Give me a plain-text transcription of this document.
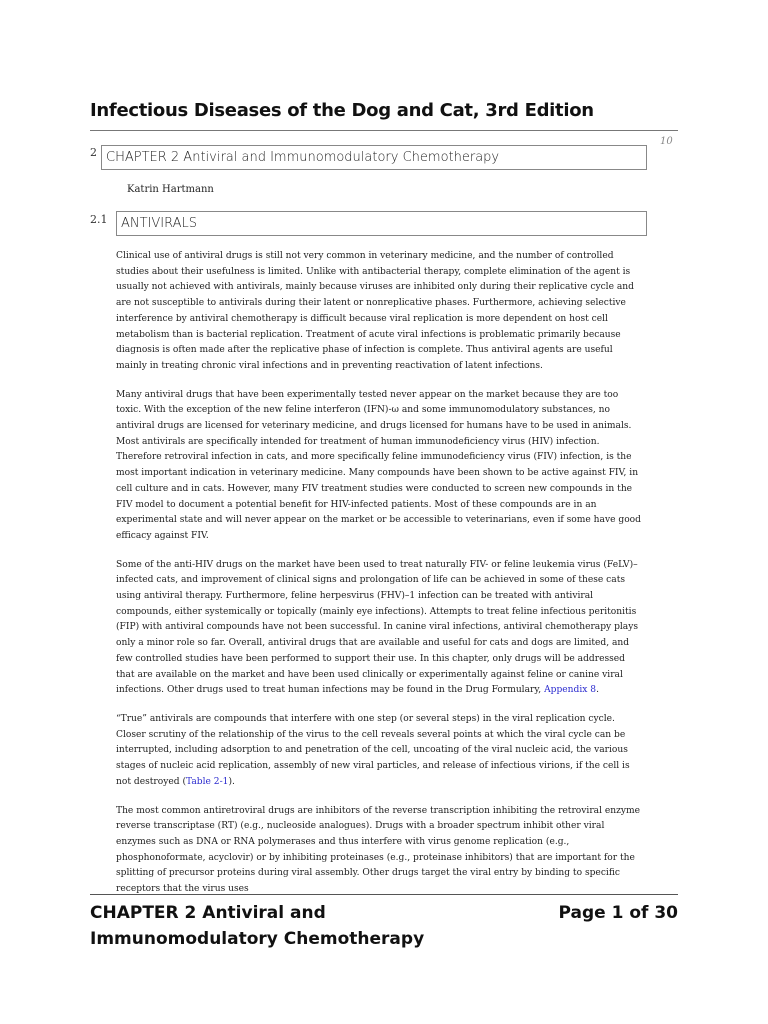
Infectious Diseases of the Dog and Cat, 3rd Edition
10
2 CHAPTER 2 Antiviral and Immunomodulatory Chemotherapy
Katrin Hartmann
2.1 ANTIVIRALS

Clinical use of antiviral drugs is still not very common in veterinary medicine, and the number of controlled studies about their usefulness is limited. Unlike with antibacterial therapy, complete elimination of the agent is usually not achieved with antivirals, mainly because viruses are inhibited only during their replicative cycle and are not susceptible to antivirals during their latent or nonreplicative phases. Furthermore, achieving selective interference by antiviral chemotherapy is difficult because viral replication is more dependent on host cell metabolism than is bacterial replication. Treatment of acute viral infections is problematic primarily because diagnosis is often made after the replicative phase of infection is complete. Thus antiviral agents are useful mainly in treating chronic viral infections and in preventing reactivation of latent infections.

Many antiviral drugs that have been experimentally tested never appear on the market because they are too toxic. With the exception of the new feline interferon (IFN)-ω and some immunomodulatory substances, no antiviral drugs are licensed for veterinary medicine, and drugs licensed for humans have to be used in animals. Most antivirals are specifically intended for treatment of human immunodeficiency virus (HIV) infection. Therefore retroviral infection in cats, and more specifically feline immunodeficiency virus (FIV) infection, is the most important indication in veterinary medicine. Many compounds have been shown to be active against FIV, in cell culture and in cats. However, many FIV treatment studies were conducted to screen new compounds in the FIV model to document a potential benefit for HIV-infected patients. Most of these compounds are in an experimental state and will never appear on the market or be accessible to veterinarians, even if some have good efficacy against FIV.

Some of the anti-HIV drugs on the market have been used to treat naturally FIV- or feline leukemia virus (FeLV)–infected cats, and improvement of clinical signs and prolongation of life can be achieved in some of these cats using antiviral therapy. Furthermore, feline herpesvirus (FHV)–1 infection can be treated with antiviral compounds, either systemically or topically (mainly eye infections). Attempts to treat feline infectious peritonitis (FIP) with antiviral compounds have not been successful. In canine viral infections, antiviral chemotherapy plays only a minor role so far. Overall, antiviral drugs that are available and useful for cats and dogs are limited, and few controlled studies have been performed to support their use. In this chapter, only drugs will be addressed that are available on the market and have been used clinically or experimentally against feline or canine viral infections. Other drugs used to treat human infections may be found in the Drug Formulary, Appendix 8.

“True” antivirals are compounds that interfere with one step (or several steps) in the viral replication cycle. Closer scrutiny of the relationship of the virus to the cell reveals several points at which the viral cycle can be interrupted, including adsorption to and penetration of the cell, uncoating of the viral nucleic acid, the various stages of nucleic acid replication, assembly of new viral particles, and release of infectious virions, if the cell is not destroyed (Table 2-1).

The most common antiretroviral drugs are inhibitors of the reverse transcription inhibiting the retroviral enzyme reverse transcriptase (RT) (e.g., nucleoside analogues). Drugs with a broader spectrum inhibit other viral enzymes such as DNA or RNA polymerases and thus interfere with virus genome replication (e.g., phosphonoformate, acyclovir) or by inhibiting proteinases (e.g., proteinase inhibitors) that are important for the splitting of precursor proteins during viral assembly. Other drugs target the viral entry by binding to specific receptors that the virus uses

CHAPTER 2 Antiviral and Immunomodulatory Chemotherapy
Page 1 of 30
